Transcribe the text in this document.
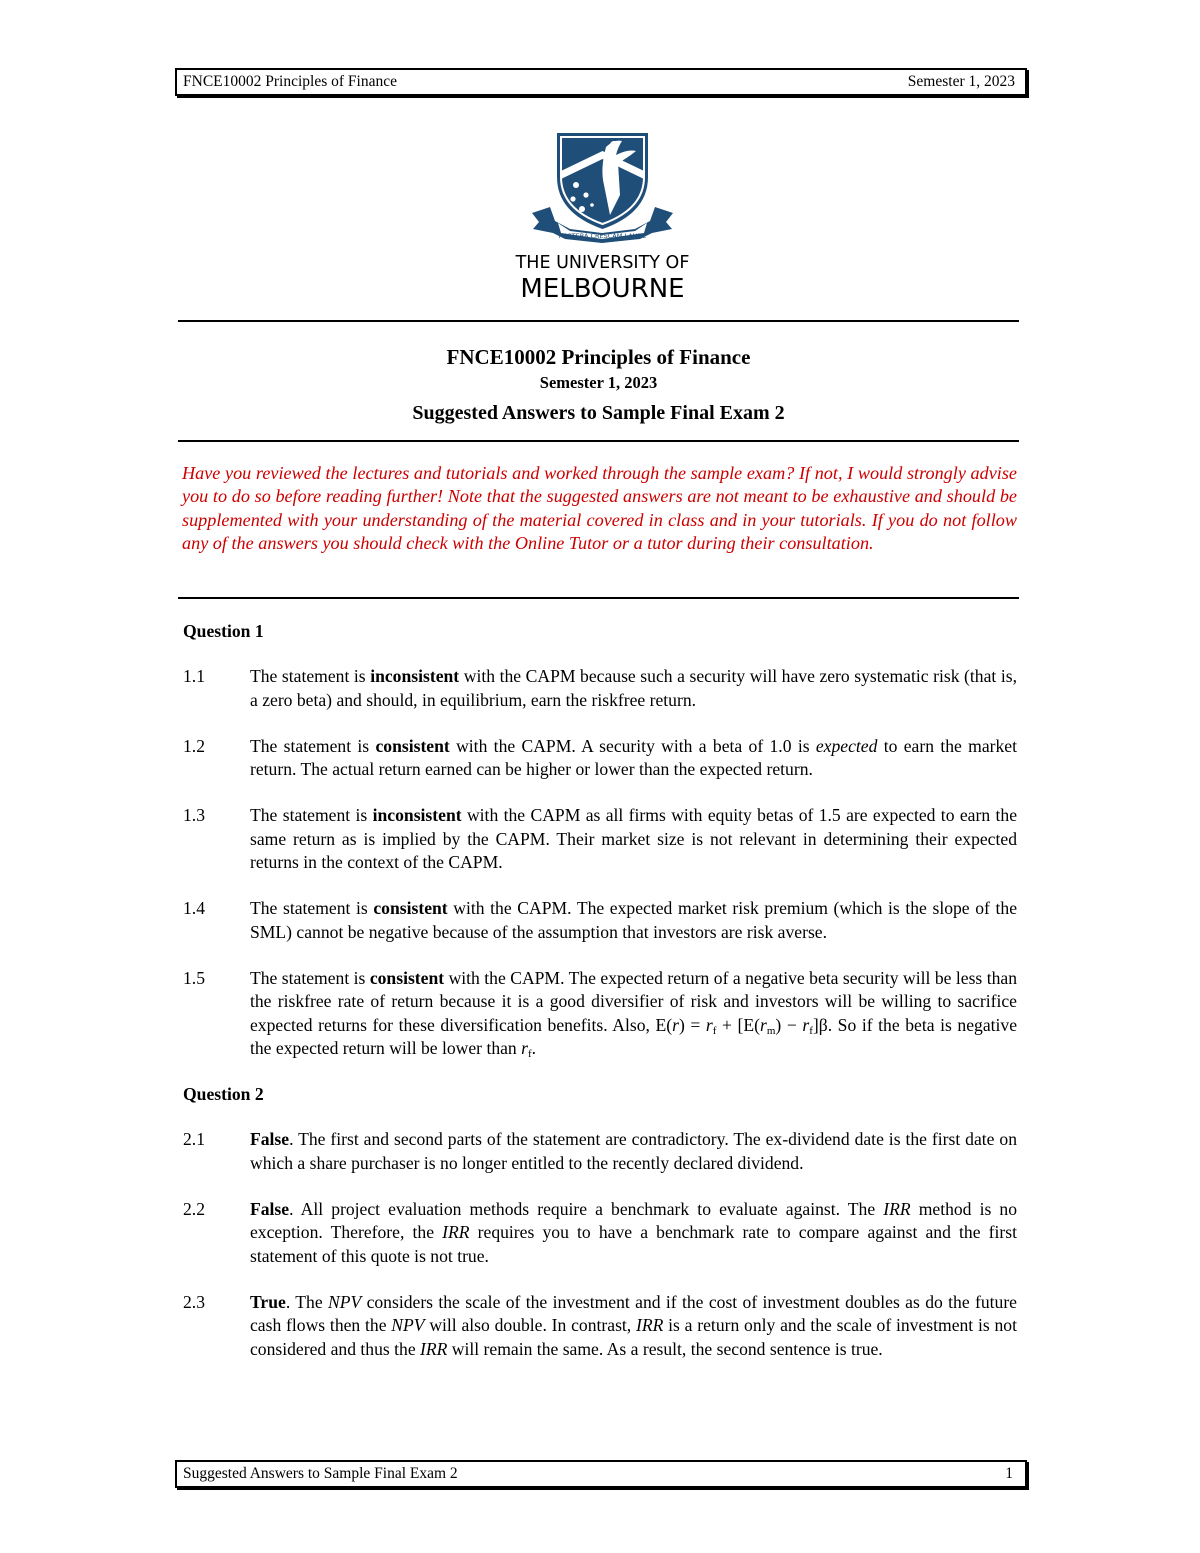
FNCE10002 Principles of Finance	Semester 1, 2023
POSTERA CRESCAM LAUDE
THE UNIVERSITY OF
MELBOURNE
FNCE10002 Principles of Finance
Semester 1, 2023
Suggested Answers to Sample Final Exam 2
Have you reviewed the lectures and tutorials and worked through the sample exam? If not, I would strongly advise you to do so before reading further! Note that the suggested answers are not meant to be exhaustive and should be supplemented with your understanding of the material covered in class and in your tutorials. If you do not follow any of the answers you should check with the Online Tutor or a tutor during their consultation.
Question 1
1.1	The statement is inconsistent with the CAPM because such a security will have zero systematic risk (that is, a zero beta) and should, in equilibrium, earn the riskfree return.
1.2	The statement is consistent with the CAPM. A security with a beta of 1.0 is expected to earn the market return. The actual return earned can be higher or lower than the expected return.
1.3	The statement is inconsistent with the CAPM as all firms with equity betas of 1.5 are expected to earn the same return as is implied by the CAPM. Their market size is not relevant in determining their expected returns in the context of the CAPM.
1.4	The statement is consistent with the CAPM. The expected market risk premium (which is the slope of the SML) cannot be negative because of the assumption that investors are risk averse.
1.5	The statement is consistent with the CAPM. The expected return of a negative beta security will be less than the riskfree rate of return because it is a good diversifier of risk and investors will be willing to sacrifice expected returns for these diversification benefits. Also, $E(r) = r_f + [E(r_m) - r_f]\beta$. So if the beta is negative the expected return will be lower than $r_f$.
Question 2
2.1	False. The first and second parts of the statement are contradictory. The ex-dividend date is the first date on which a share purchaser is no longer entitled to the recently declared dividend.
2.2	False. All project evaluation methods require a benchmark to evaluate against. The IRR method is no exception. Therefore, the IRR requires you to have a benchmark rate to compare against and the first statement of this quote is not true.
2.3	True. The NPV considers the scale of the investment and if the cost of investment doubles as do the future cash flows then the NPV will also double. In contrast, IRR is a return only and the scale of investment is not considered and thus the IRR will remain the same. As a result, the second sentence is true.
Suggested Answers to Sample Final Exam 2	1
